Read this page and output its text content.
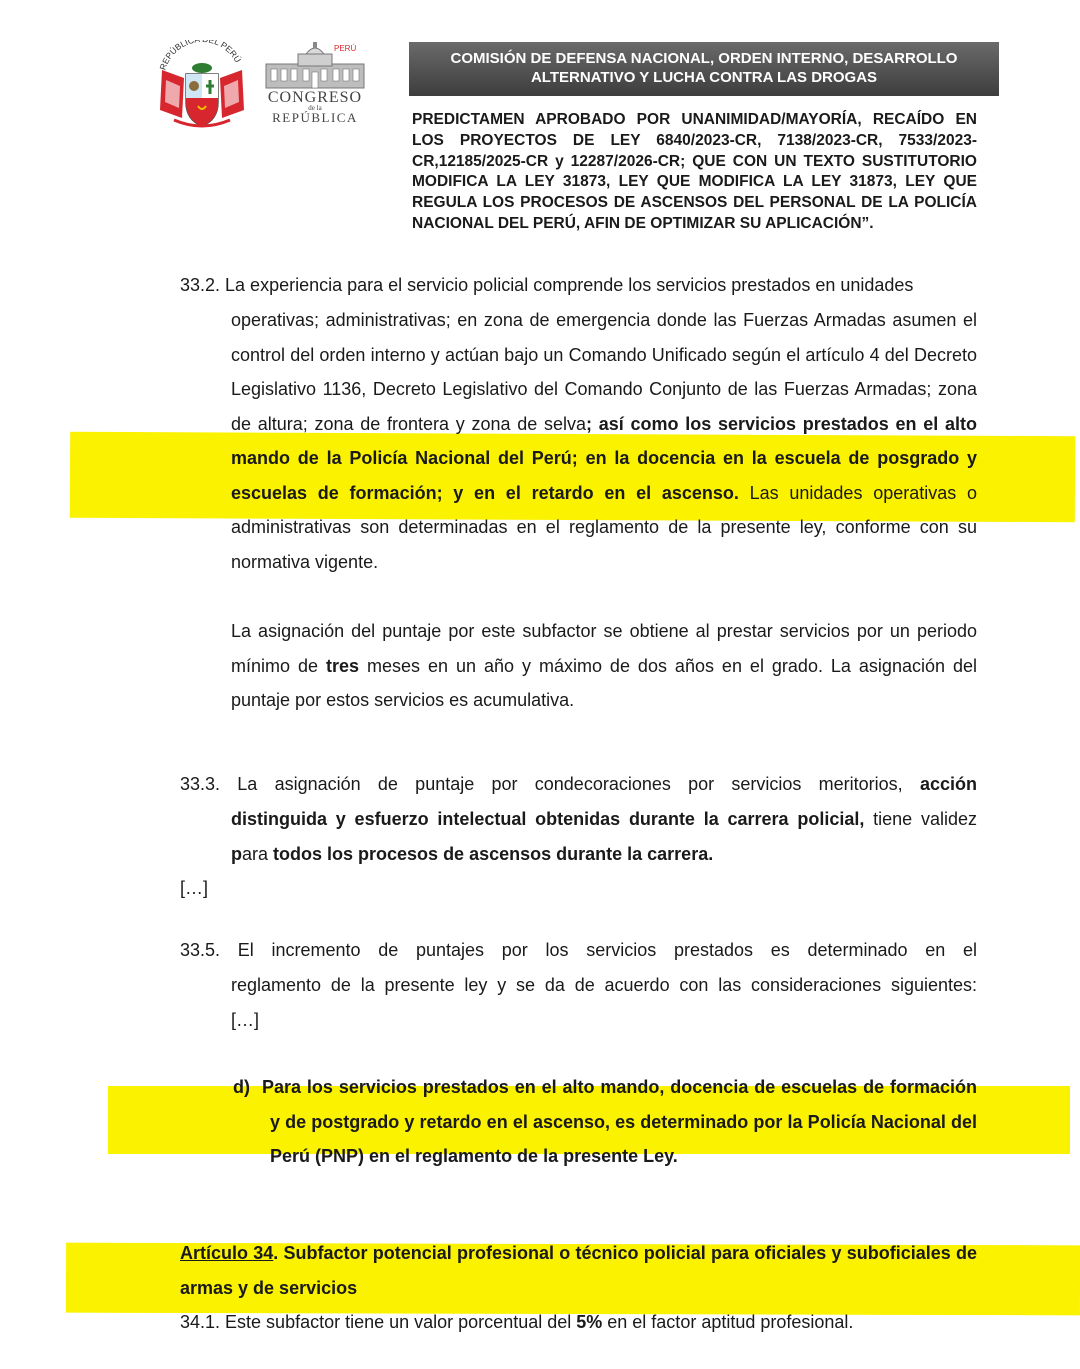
REPÚBLIC EL PERÚ
PERÚ
CONGRESO
de la
REPÚBLICA
COMISIÓN DE DEFENSA NACIONAL, ORDEN INTERNO, DESARROLLO ALTERNATIVO Y LUCHA CONTRA LAS DROGAS
PREDICTAMEN APROBADO POR UNANIMIDAD/MAYORÍA, RECAÍDO EN LOS PROYECTOS DE LEY 6840/2023-CR, 7138/2023-CR, 7533/2023-CR,12185/2025-CR y 12287/2026-CR; QUE CON UN TEXTO SUSTITUTORIO MODIFICA LA LEY 31873, LEY QUE MODIFICA LA LEY 31873, LEY QUE REGULA LOS PROCESOS DE ASCENSOS DEL PERSONAL DE LA POLICÍA NACIONAL DEL PERÚ, AFIN DE OPTIMIZAR SU APLICACIÓN”.
33.2. La experiencia para el servicio policial comprende los servicios prestados en unidades
operativas; administrativas; en zona de emergencia donde las Fuerzas Armadas asumen el control del orden interno y actúan bajo un Comando Unificado según el artículo 4 del Decreto Legislativo 1136, Decreto Legislativo del Comando Conjunto de las Fuerzas Armadas; zona de altura; zona de frontera y zona de selva; así como los servicios prestados en el alto mando de la Policía Nacional del Perú; en la docencia en la escuela de posgrado y escuelas de formación; y en el retardo en el ascenso. Las unidades operativas o administrativas son determinadas en el reglamento de la presente ley, conforme con su normativa vigente.
La asignación del puntaje por este subfactor se obtiene al prestar servicios por un periodo mínimo de tres meses en un año y máximo de dos años en el grado. La asignación del puntaje por estos servicios es acumulativa.
33.3. La asignación de puntaje por condecoraciones por servicios meritorios, acción
distinguida y esfuerzo intelectual obtenidas durante la carrera policial, tiene validez para todos los procesos de ascensos durante la carrera.
[…]
33.5. El incremento de puntajes por los servicios prestados es determinado en el
reglamento de la presente ley y se da de acuerdo con las consideraciones siguientes:
[…]
d) Para los servicios prestados en el alto mando, docencia de escuelas de formación y de postgrado y retardo en el ascenso, es determinado por la Policía Nacional del Perú (PNP) en el reglamento de la presente Ley.
Artículo 34. Subfactor potencial profesional o técnico policial para oficiales y suboficiales de armas y de servicios
34.1. Este subfactor tiene un valor porcentual del 5% en el factor aptitud profesional.
